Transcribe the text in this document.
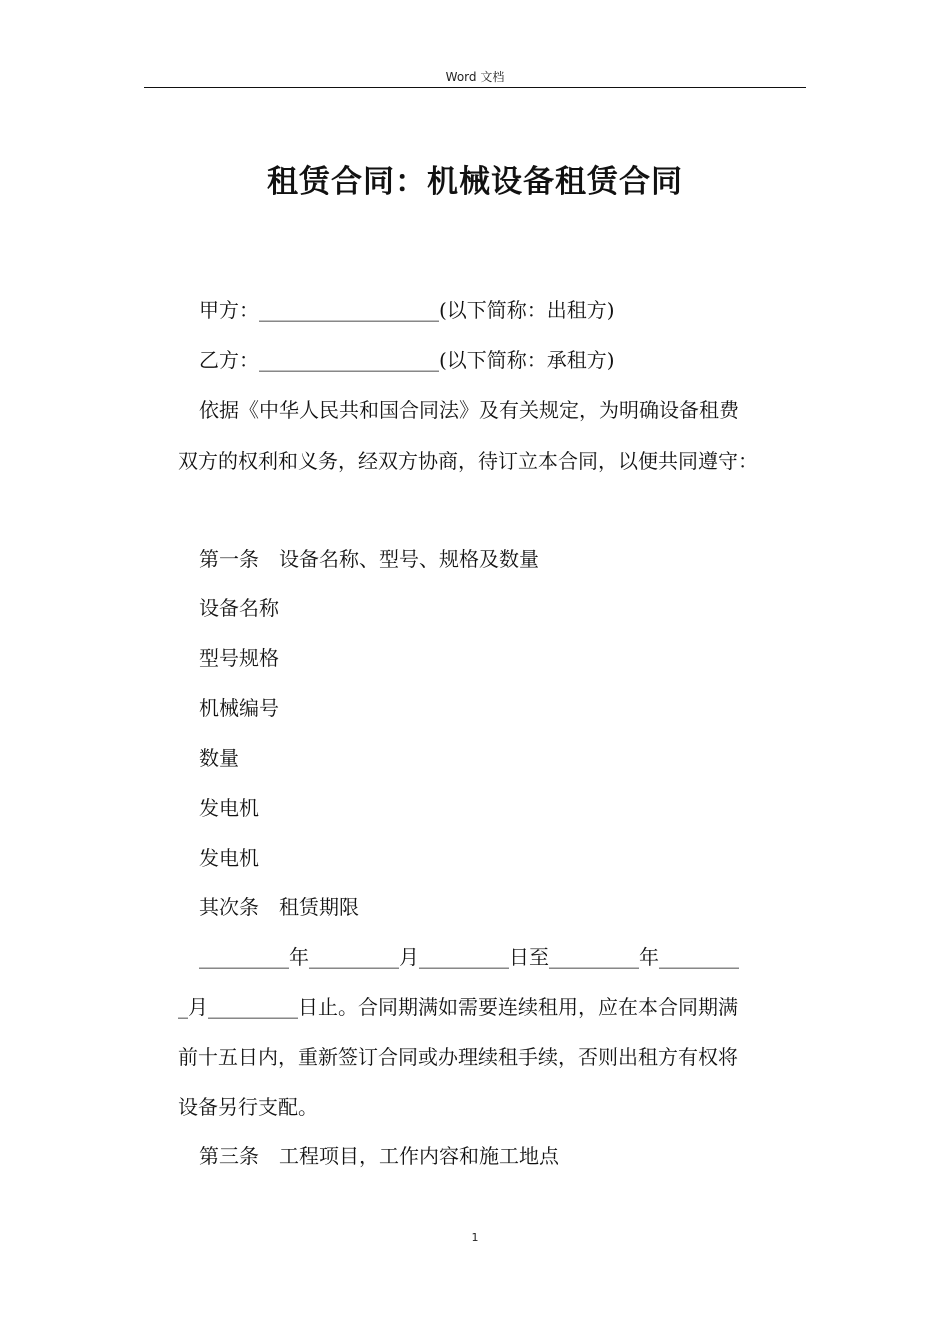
Word 文档
租赁合同：机械设备租赁合同
甲方：__________________(以下简称：出租方)
乙方：__________________(以下简称：承租方)
依据《中华人民共和国合同法》及有关规定，为明确设备租费
双方的权利和义务，经双方协商，待订立本合同，以便共同遵守：
第一条　设备名称、型号、规格及数量
设备名称
型号规格
机械编号
数量
发电机
发电机
其次条　租赁期限
_________年_________月_________日至_________年________
_月_________日止。合同期满如需要连续租用，应在本合同期满
前十五日内，重新签订合同或办理续租手续，否则出租方有权将
设备另行支配。
第三条　工程项目，工作内容和施工地点
1
